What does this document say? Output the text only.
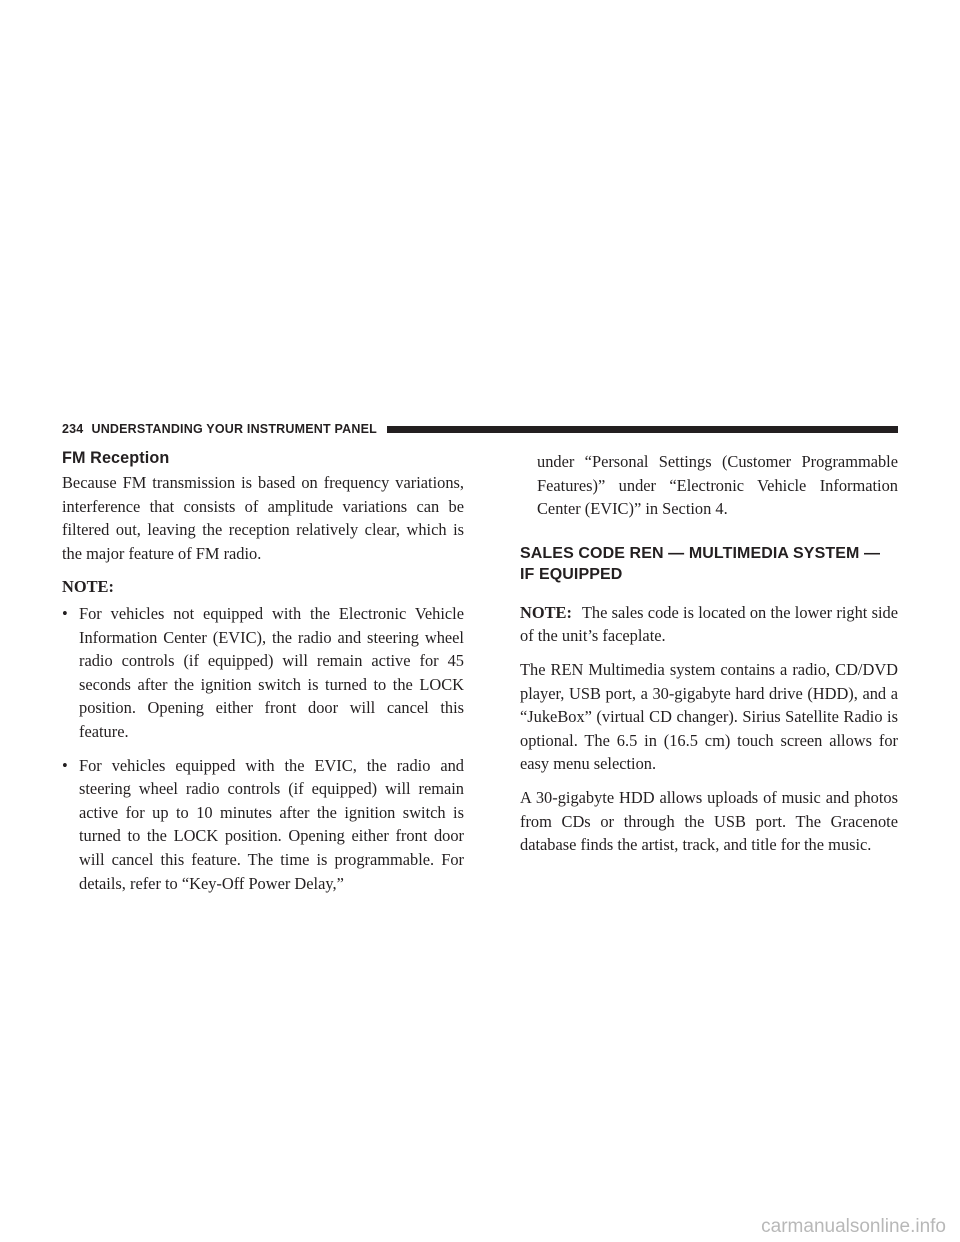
234 UNDERSTANDING YOUR INSTRUMENT PANEL
FM Reception

Because FM transmission is based on frequency variations, interference that consists of amplitude variations can be filtered out, leaving the reception relatively clear, which is the major feature of FM radio.

NOTE:
• For vehicles not equipped with the Electronic Vehicle Information Center (EVIC), the radio and steering wheel radio controls (if equipped) will remain active for 45 seconds after the ignition switch is turned to the LOCK position. Opening either front door will cancel this feature.
• For vehicles equipped with the EVIC, the radio and steering wheel radio controls (if equipped) will remain active for up to 10 minutes after the ignition switch is turned to the LOCK position. Opening either front door will cancel this feature. The time is programmable. For details, refer to “Key-Off Power Delay,”
under “Personal Settings (Customer Programmable Features)” under “Electronic Vehicle Information Center (EVIC)” in Section 4.
SALES CODE REN — MULTIMEDIA SYSTEM — IF EQUIPPED

NOTE: The sales code is located on the lower right side of the unit’s faceplate.

The REN Multimedia system contains a radio, CD/DVD player, USB port, a 30-gigabyte hard drive (HDD), and a “JukeBox” (virtual CD changer). Sirius Satellite Radio is optional. The 6.5 in (16.5 cm) touch screen allows for easy menu selection.

A 30-gigabyte HDD allows uploads of music and photos from CDs or through the USB port. The Gracenote database finds the artist, track, and title for the music.

carmanualsonline.info
